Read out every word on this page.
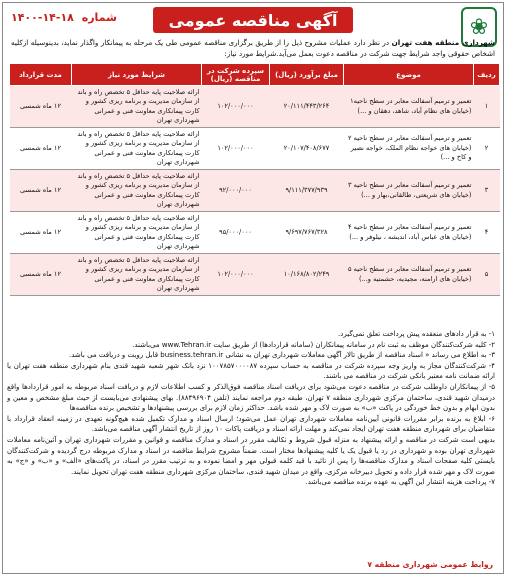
❀
آگهی مناقصه عمومی
شماره ۱۸-۱۴-۱۴۰۰
شهرداری منطقه هفت تهران در نظر دارد عملیات مشروح ذیل را از طریق برگزاری مناقصه عمومی طی یک مرحله به پیمانکار واگذار نماید، بدینوسیله ازکلیه اشخاص حقوقی واجد شرایط جهت شرکت در مناقصه دعوت بعمل می‌آید.شرایط مورد نیاز:
ردیف	موضوع	مبلغ برآورد (ریال)	سپرده شرکت در مناقصه (ریال)	شرایط مورد نیاز	مدت قرارداد
۱	تعمیر و ترمیم آسفالت معابر در سطح ناحیه۱ (خیابان های نظام آباد، شاهد، دهقان و ...)	۲۰/۱۱۱/۴۴۳/۲۶۴	۱۰۲/۰۰۰/۰۰۰	ارائه صلاحیت پایه حداقل ۵ تخصص راه و باند از سازمان مدیریت و برنامه ریزی کشور و کارت پیمانکاری معاونت فنی و عمرانی شهرداری تهران	۱۲ ماه شمسی
۲	تعمیر و ترمیم آسفالت معابر در سطح ناحیه ۲ (خیابان های خواجه نظام الملک، خواجه نصیر و کاخ و ...)	۲۰/۱۰۷/۴۰۸/۶۷۷	۱۰۲/۰۰۰/۰۰۰	ارائه صلاحیت پایه حداقل ۵ تخصص راه و باند از سازمان مدیریت و برنامه ریزی کشور و کارت پیمانکاری معاونت فنی و عمرانی شهرداری تهران	۱۲ ماه شمسی
۳	تعمیر و ترمیم آسفالت معابر در سطح ناحیه ۳ (خیابان های شریعتی، طالقانی،بهار و ...)	۹/۱۱۱/۳۷۷/۹۳۹	۹۲/۰۰۰/۰۰۰	ارائه صلاحیت پایه حداقل ۵ تخصص راه و باند از سازمان مدیریت و برنامه ریزی کشور و کارت پیمانکاری معاونت فنی و عمرانی شهرداری تهران	۱۲ ماه شمسی
۴	تعمیر و ترمیم آسفالت معابر در سطح ناحیه ۴ (خیابان های عباس آباد، اندیشه ، نیلوفر و ...)	۹/۶۹۷/۷۶۷/۳۲۸	۹۵/۰۰۰/۰۰۰	ارائه صلاحیت پایه حداقل ۵ تخصص راه و باند از سازمان مدیریت و برنامه ریزی کشور و کارت پیمانکاری معاونت فنی و عمرانی شهرداری تهران	۱۲ ماه شمسی
۵	تعمیر و ترمیم آسفالت معابر در سطح ناحیه ۵ (خیابان های ارامنه، مجیدیه، حشمتیه و...)	۱۰/۱۶۸/۸۰۲/۲۴۹	۱۰۲/۰۰۰/۰۰۰	ارائه صلاحیت پایه حداقل ۵ تخصص راه و باند از سازمان مدیریت و برنامه ریزی کشور و کارت پیمانکاری معاونت فنی و عمرانی شهرداری تهران	۱۲ ماه شمسی

۱- به قرار دادهای منعقده پیش پرداخت تعلق نمی‌گیرد.

۲- کلیه شرکت‌کنندگان موظف به ثبت نام در سامانه پیمانکاران (سامانه قراردادها) از طریق سایت www.Tehran.ir می‌باشند.

۳- به اطلاع می رساند « اسناد مناقصه از طریق تالار آگهی معاملات شهرداری تهران به نشانی business.tehran.ir قابل رویت و دریافت می باشد.

۴- شرکت‌کنندگان مجاز به واریز وجه سپرده شرکت در مناقصه به حساب سپرده ۱۰۰۷۸۵۷۰۰۰۰۸۷ نزد بانک شهر شعبه شهید قندی بنام شهرداری منطقه هفت تهران یا ارائه ضمانت نامه معتبر بانکی شرکت در مناقصه می باشند.

۵- از پیمانکاران داوطلب شرکت در مناقصه دعوت می‌شود برای دریافت اسناد مناقصه فوق‌الذکر و کسب اطلاعات لازم و دریافت اسناد مربوطه به امور قراردادها واقع درمیدان شهید قندی، ساختمان مرکزی شهرداری منطقه ۷ تهران، طبقه دوم مراجعه نمایند (تلفن ۸۸۴۹۶۹۰۴). بهای پیشنهادی می‌بایست از حیث مبلغ مشخص و معین و بدون ابهام و بدون خط خوردگی در پاکت «ب» به صورت لاک و مهر شده باشد. حداکثر زمان لازم برای بررسی پیشنهادها و تشخیص برنده مناقصه‌ها

۶- ابلاغ به برنده برابر مقررات قانونی آیین‌نامه معاملات شهرداری تهران عمل می‌شود؛ ارسال اسناد و مدارک تکمیل شده هیچ‌گونه تعهدی در زمینه انعقاد قرارداد با متقاضیان برای شهرداری منطقه هفت تهران ایجاد نمی‌کند و مهلت ارائه اسناد و دریافت پاکات ۱۰ روز از تاریخ انتشار آگهی مناقصه می‌باشد.

بدیهی است شرکت در مناقصه و ارائه پیشنهاد به منزله قبول شروط و تکالیف مقرر در اسناد و مدارک مناقصه و قوانین و مقررات شهرداری تهران و آئین‌نامه معاملات شهرداری تهران بوده و شهرداری در رد یا قبول یک یا کلیه پیشنهادها مختار است. ضمناً مشروح شرایط مناقصه در اسناد و مدارک مربوطه درج گردیده و شرکت‌کنندگان بایستی کلیه صفحات اسناد و مدارک مناقصه‌ها را پس از تائید با قید کلمه قبولی مهر و امضا نموده و به ترتیب مقرر در اسناد، در پاکت‌های «الف» و «ب» و «ج» به صورت لاک و مهر شده قرار داده و تحویل دبیرخانه مرکزی، واقع در میدان شهید قندی، ساختمان مرکزی شهرداری منطقه هفت تهران تحویل نمایند.

۷- پرداخت هزینه انتشار این آگهی به عهده برنده مناقصه می‌باشد.

روابط عمومی شهرداری منطقه ۷
